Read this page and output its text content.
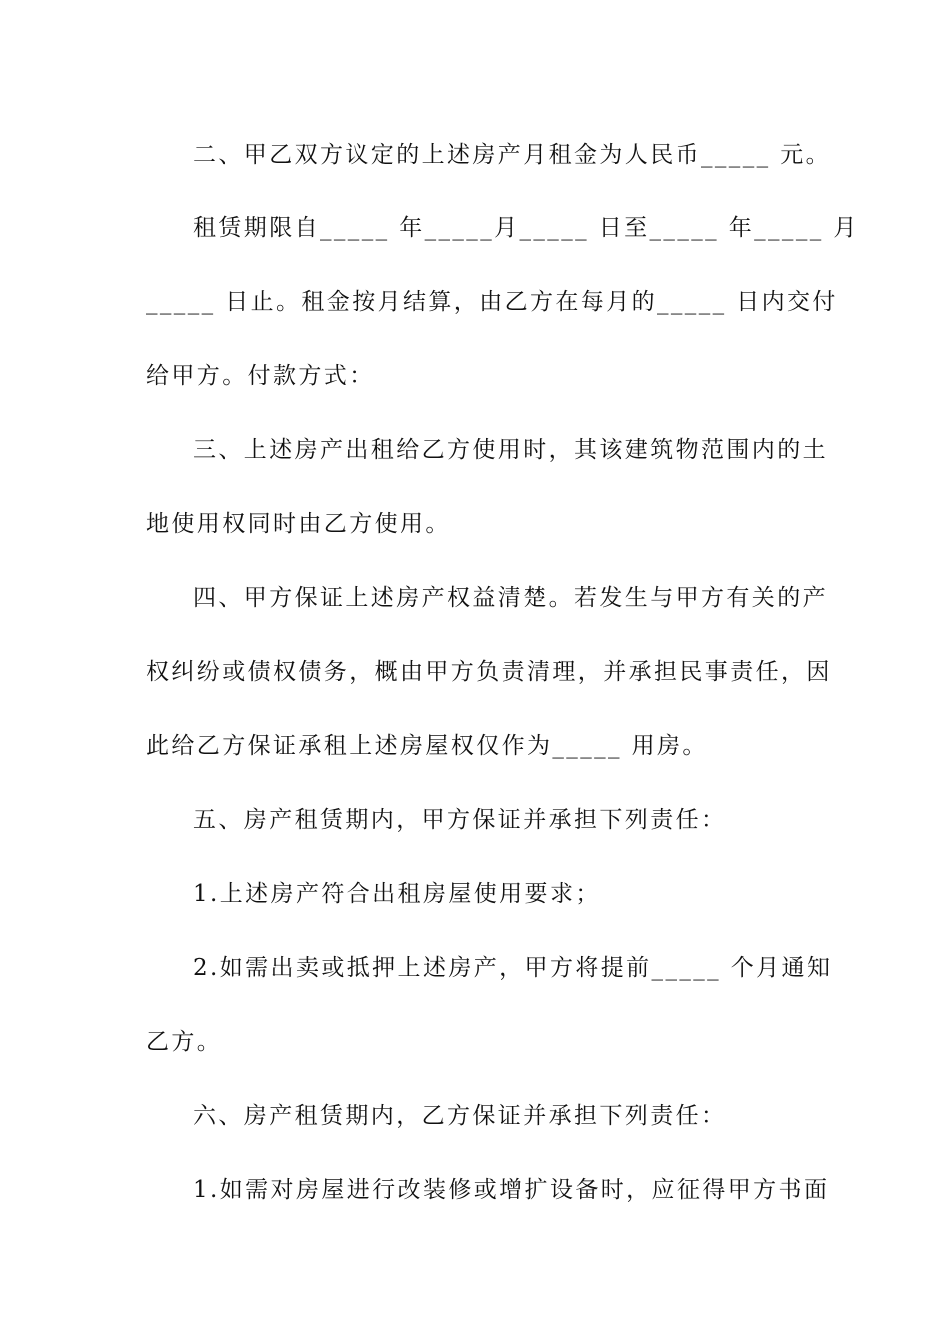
二、甲乙双方议定的上述房产月租金为人民币_____ 元。
租赁期限自_____ 年_____月_____ 日至_____ 年_____ 月
_____ 日止。租金按月结算，由乙方在每月的_____ 日内交付
给甲方。付款方式：
三、上述房产出租给乙方使用时，其该建筑物范围内的土
地使用权同时由乙方使用。
四、甲方保证上述房产权益清楚。若发生与甲方有关的产
权纠纷或债权债务，概由甲方负责清理，并承担民事责任，因
此给乙方保证承租上述房屋权仅作为_____ 用房。
五、房产租赁期内，甲方保证并承担下列责任：
1.上述房产符合出租房屋使用要求；
2.如需出卖或抵押上述房产，甲方将提前_____ 个月通知
乙方。
六、房产租赁期内，乙方保证并承担下列责任：
1.如需对房屋进行改装修或增扩设备时，应征得甲方书面
